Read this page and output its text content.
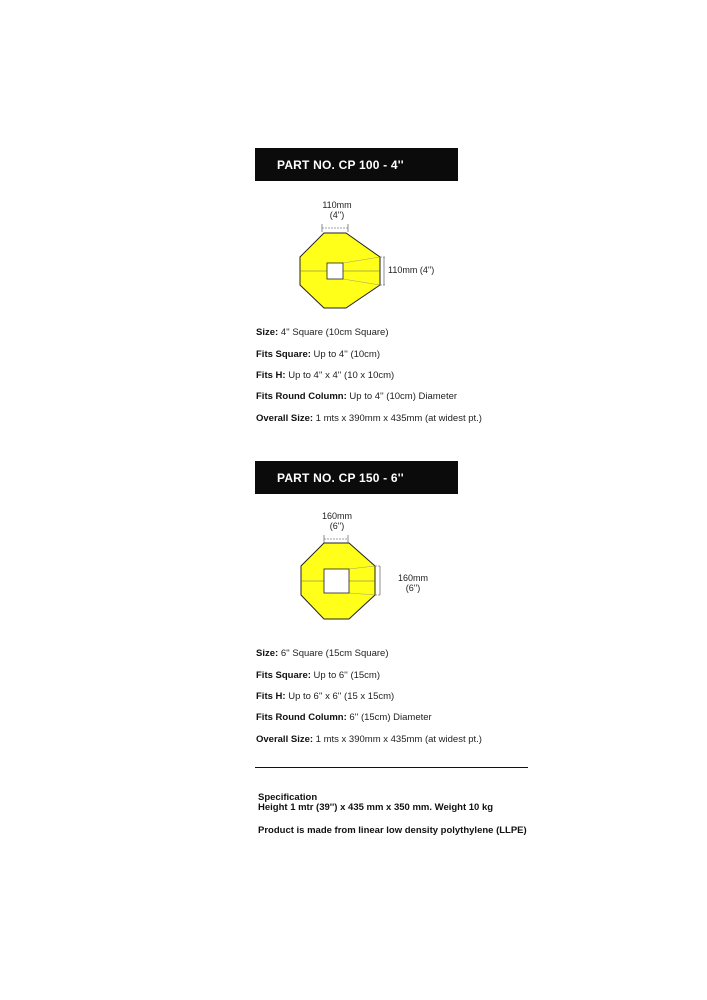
PART NO. CP 100 - 4''
110mm
(4'')
110mm (4'')
Size: 4'' Square (10cm Square)
Fits Square: Up to 4'' (10cm)
Fits H: Up to 4'' x 4'' (10 x 10cm)
Fits Round Column: Up to 4'' (10cm) Diameter
Overall Size: 1 mts x 390mm x 435mm (at widest pt.)
PART NO. CP 150 - 6''
160mm
(6'')
160mm
(6'')
Size: 6'' Square (15cm Square)
Fits Square: Up to 6'' (15cm)
Fits H: Up to 6'' x 6'' (15 x 15cm)
Fits Round Column: 6'' (15cm) Diameter
Overall Size: 1 mts x 390mm x 435mm (at widest pt.)
Specification
Height 1 mtr (39'') x 435 mm x 350 mm. Weight 10 kg
Product is made from linear low density polythylene (LLPE)
